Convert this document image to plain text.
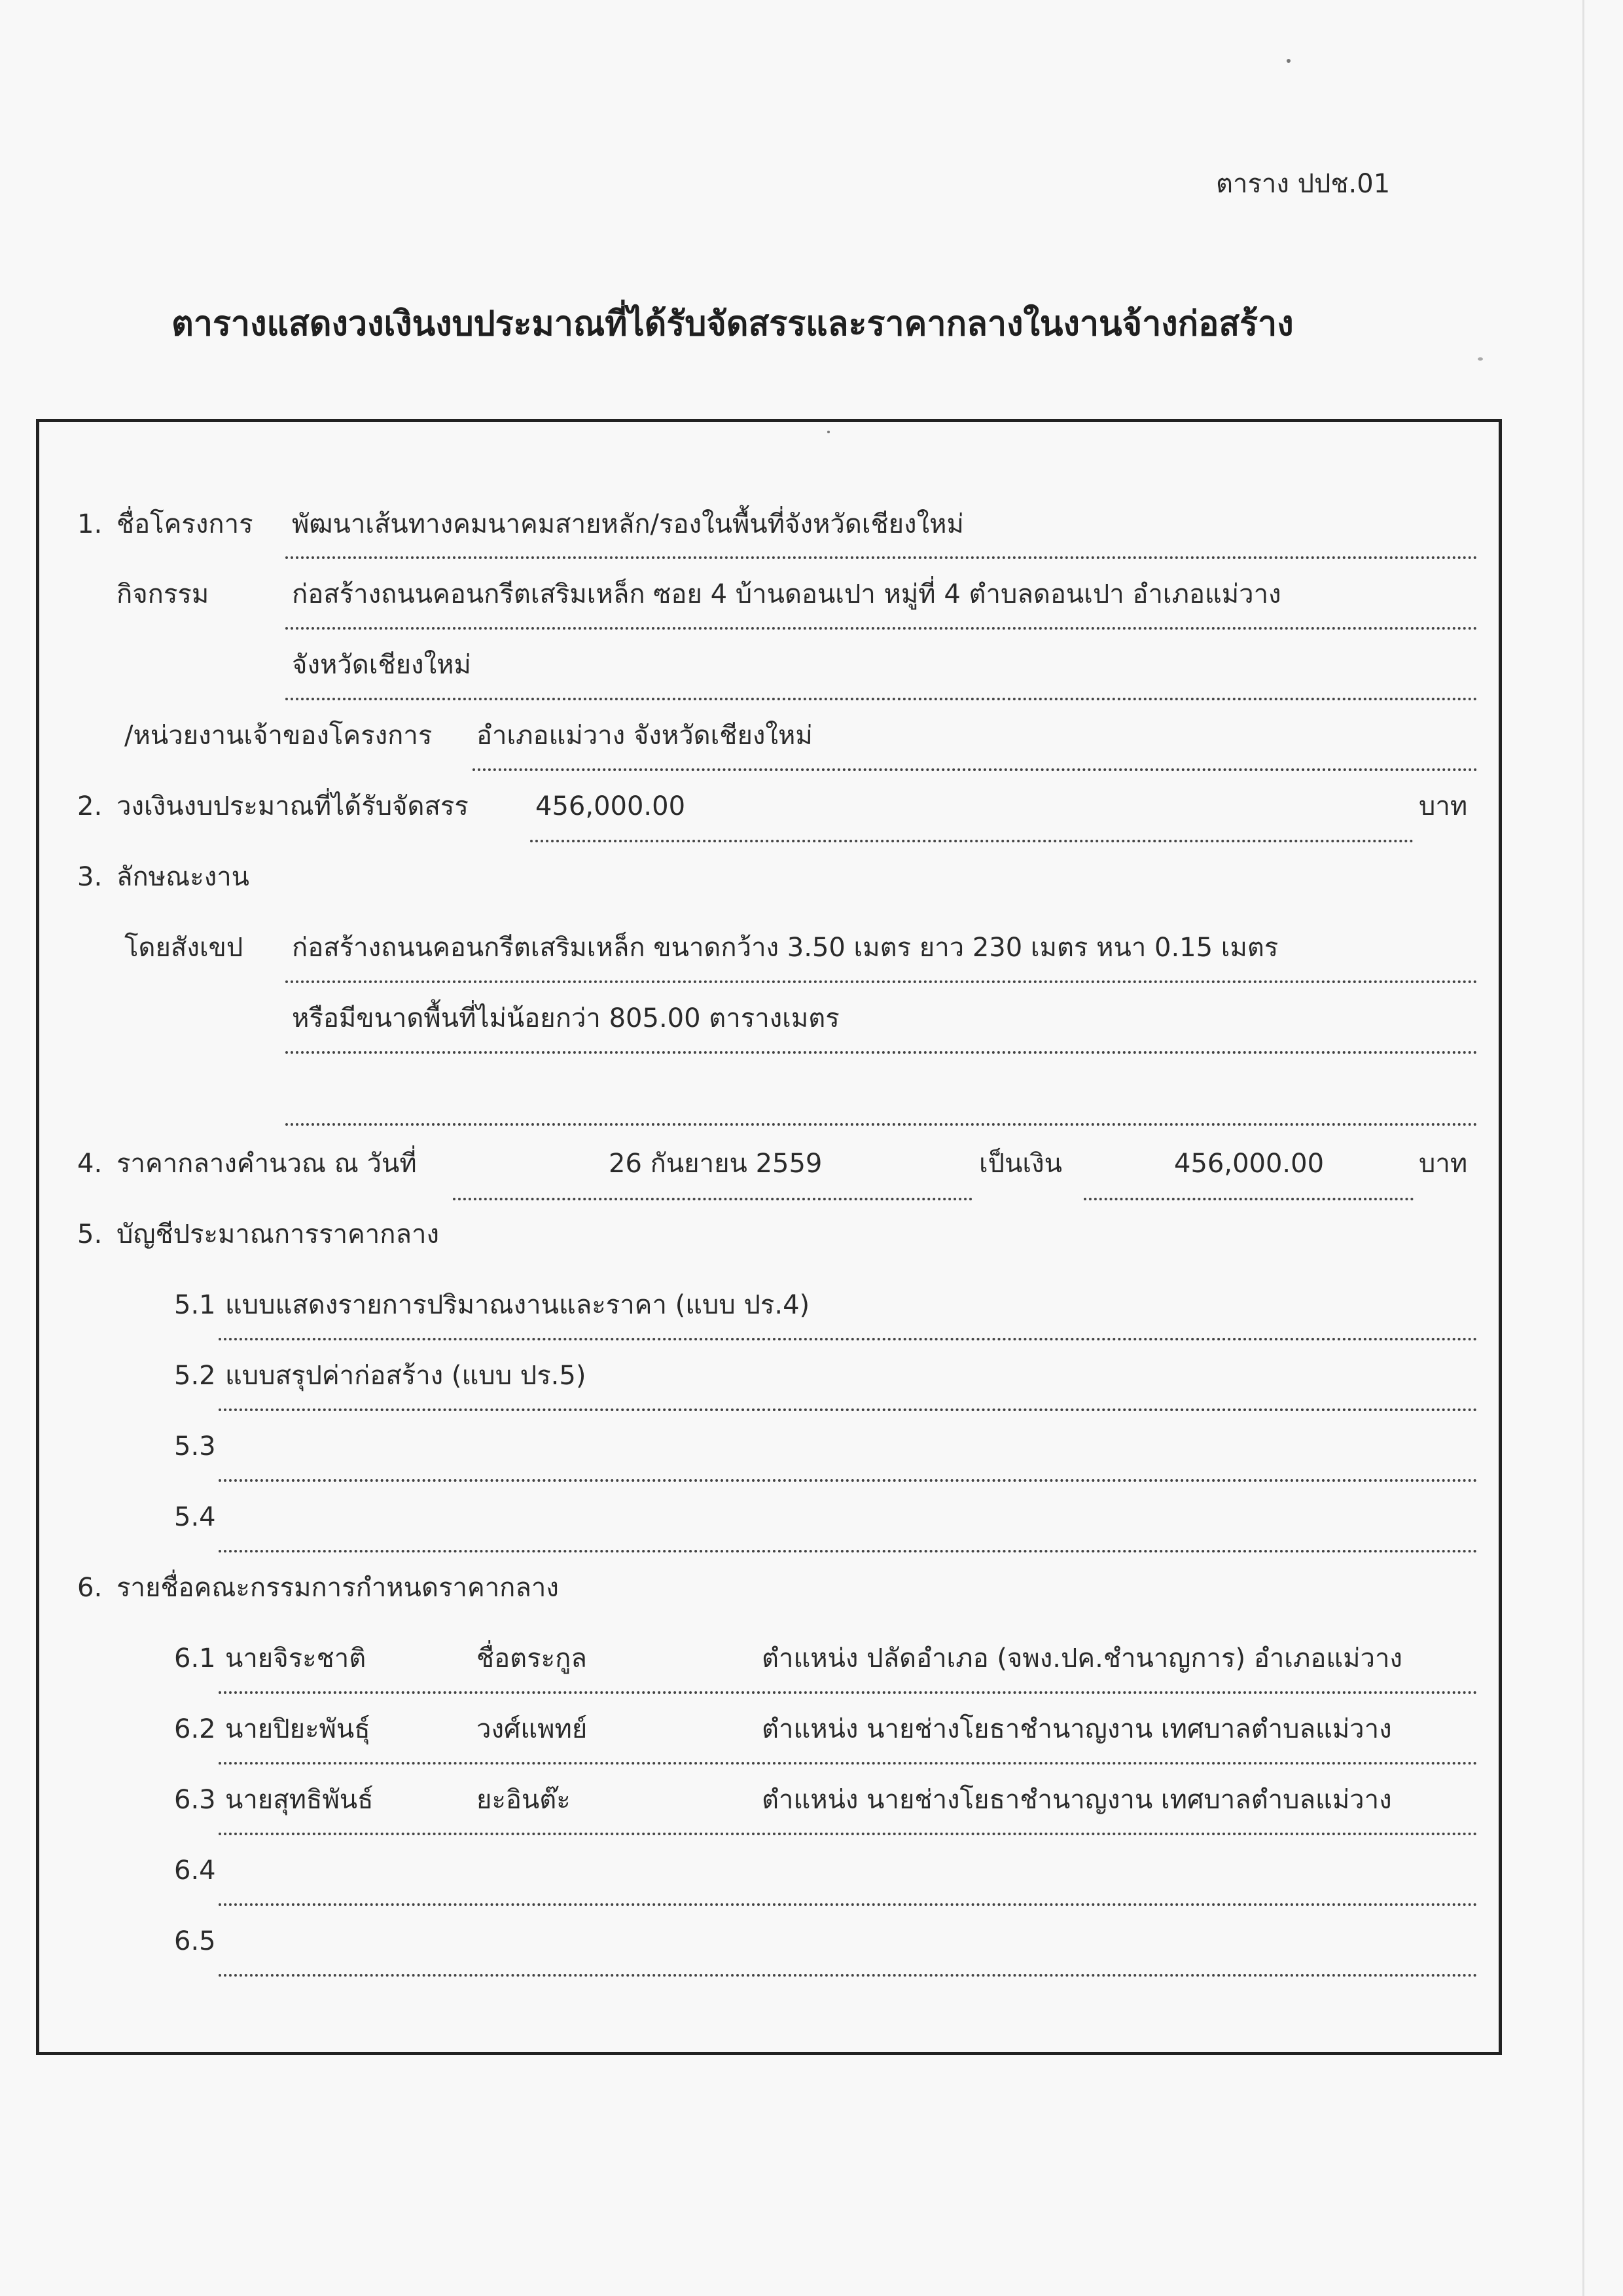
ตาราง ปปช.01
ตารางแสดงวงเงินงบประมาณที่ได้รับจัดสรรและราคากลางในงานจ้างก่อสร้าง
1. ชื่อโครงการ พัฒนาเส้นทางคมนาคมสายหลัก/รองในพื้นที่จังหวัดเชียงใหม่
กิจกรรม	ก่อสร้างถนนคอนกรีตเสริมเหล็ก ซอย 4 บ้านดอนเปา หมู่ที่ 4 ตำบลดอนเปา อำเภอแม่วาง
จังหวัดเชียงใหม่
/หน่วยงานเจ้าของโครงการ อำเภอแม่วาง จังหวัดเชียงใหม่
2. วงเงินงบประมาณที่ได้รับจัดสรร	456,000.00	บาท
3. ลักษณะงาน
โดยสังเขป ก่อสร้างถนนคอนกรีตเสริมเหล็ก ขนาดกว้าง 3.50 เมตร ยาว 230 เมตร หนา 0.15 เมตร
หรือมีขนาดพื้นที่ไม่น้อยกว่า 805.00 ตารางเมตร
4. ราคากลางคำนวณ ณ วันที่	26 กันยายน 2559	เป็นเงิน	456,000.00	บาท
5. บัญชีประมาณการราคากลาง
5.1 แบบแสดงรายการปริมาณงานและราคา (แบบ ปร.4)
5.2 แบบสรุปค่าก่อสร้าง (แบบ ปร.5)
5.3
5.4
6. รายชื่อคณะกรรมการกำหนดราคากลาง
6.1 นายจิระชาติ	ชื่อตระกูล	ตำแหน่ง ปลัดอำเภอ (จพง.ปค.ชำนาญการ) อำเภอแม่วาง
6.2 นายปิยะพันธุ์	วงศ์แพทย์	ตำแหน่ง นายช่างโยธาชำนาญงาน เทศบาลตำบลแม่วาง
6.3 นายสุทธิพันธ์	ยะอินต๊ะ	ตำแหน่ง นายช่างโยธาชำนาญงาน เทศบาลตำบลแม่วาง
6.4
6.5
